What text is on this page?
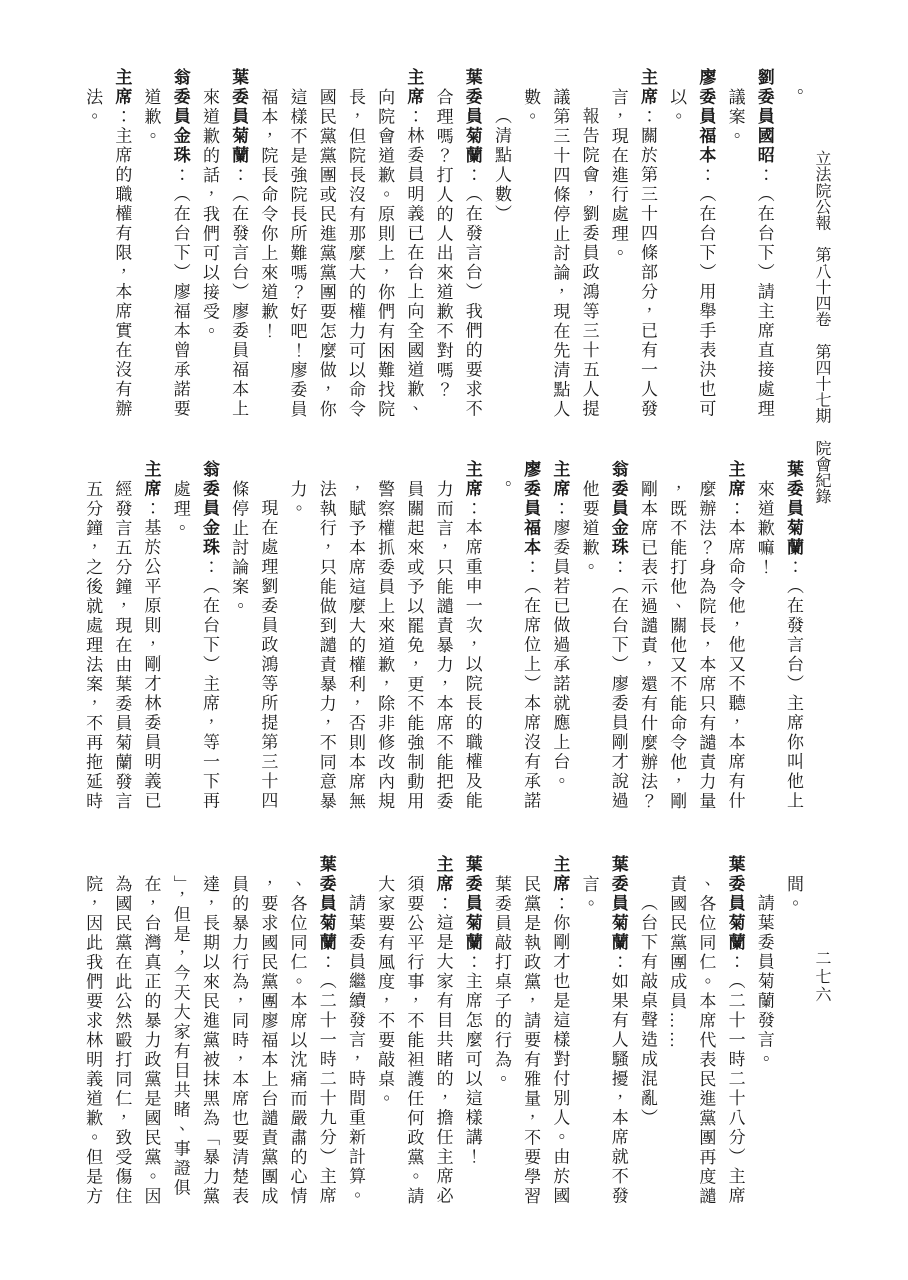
立法院公報　第八十四卷　第四十七期　院會紀錄
二七六

。

劉委員國昭：（在台下）請主席直接處理

議案。

廖委員福本：（在台下）用舉手表決也可

以。

主席：關於第三十四條部分，已有一人發

言，現在進行處理。

報告院會，劉委員政鴻等三十五人提

議第三十四條停止討論，現在先清點人

數。

（清點人數）

葉委員菊蘭：（在發言台）我們的要求不

合理嗎？打人的人出來道歉不對嗎？

主席：林委員明義已在台上向全國道歉、

向院會道歉。原則上，你們有困難找院

長，但院長沒有那麼大的權力可以命令

國民黨黨團或民進黨黨團要怎麼做，你

這樣不是強院長所難嗎？好吧！廖委員

福本，院長命令你上來道歉！

葉委員菊蘭：（在發言台）廖委員福本上

來道歉的話，我們可以接受。

翁委員金珠：（在台下）廖福本曾承諾要

道歉。

主席：主席的職權有限，本席實在沒有辦

法。

葉委員菊蘭：（在發言台）主席你叫他上

來道歉嘛！

主席：本席命令他，他又不聽，本席有什

麼辦法？身為院長，本席只有譴責力量

，既不能打他、關他又不能命令他，剛

剛本席已表示過譴責，還有什麼辦法？

翁委員金珠：（在台下）廖委員剛才說過

他要道歉。

主席：廖委員若已做過承諾就應上台。

廖委員福本：（在席位上）本席沒有承諾

。

主席：本席重申一次，以院長的職權及能

力而言，只能譴責暴力，本席不能把委

員關起來或予以罷免，更不能強制動用

警察權抓委員上來道歉，除非修改內規

，賦予本席這麼大的權利，否則本席無

法執行，只能做到譴責暴力，不同意暴

力。

現在處理劉委員政鴻等所提第三十四

條停止討論案。

翁委員金珠：（在台下）主席，等一下再

處理。

主席：基於公平原則，剛才林委員明義已

經發言五分鐘，現在由葉委員菊蘭發言

五分鐘，之後就處理法案，不再拖延時

間。

請葉委員菊蘭發言。

葉委員菊蘭：（二十一時二十八分）主席

、各位同仁。本席代表民進黨團再度譴

責國民黨團成員……

（台下有敲桌聲造成混亂）

葉委員菊蘭：如果有人騷擾，本席就不發

言。

主席：你剛才也是這樣對付別人。由於國

民黨是執政黨，請要有雅量，不要學習

葉委員敲打桌子的行為。

葉委員菊蘭：主席怎麼可以這樣講！

主席：這是大家有目共睹的，擔任主席必

須要公平行事，不能袒護任何政黨。請

大家要有風度，不要敲桌。

請葉委員繼續發言，時間重新計算。

葉委員菊蘭：（二十一時二十九分）主席

、各位同仁。本席以沈痛而嚴肅的心情

，要求國民黨團廖福本上台譴責黨團成

員的暴力行為，同時，本席也要清楚表

達，長期以來民進黨被抹黑為「暴力黨

」，但是，今天大家有目共睹、事證俱

在，台灣真正的暴力政黨是國民黨。因

為國民黨在此公然毆打同仁，致受傷住

院，因此我們要求林明義道歉。但是方
